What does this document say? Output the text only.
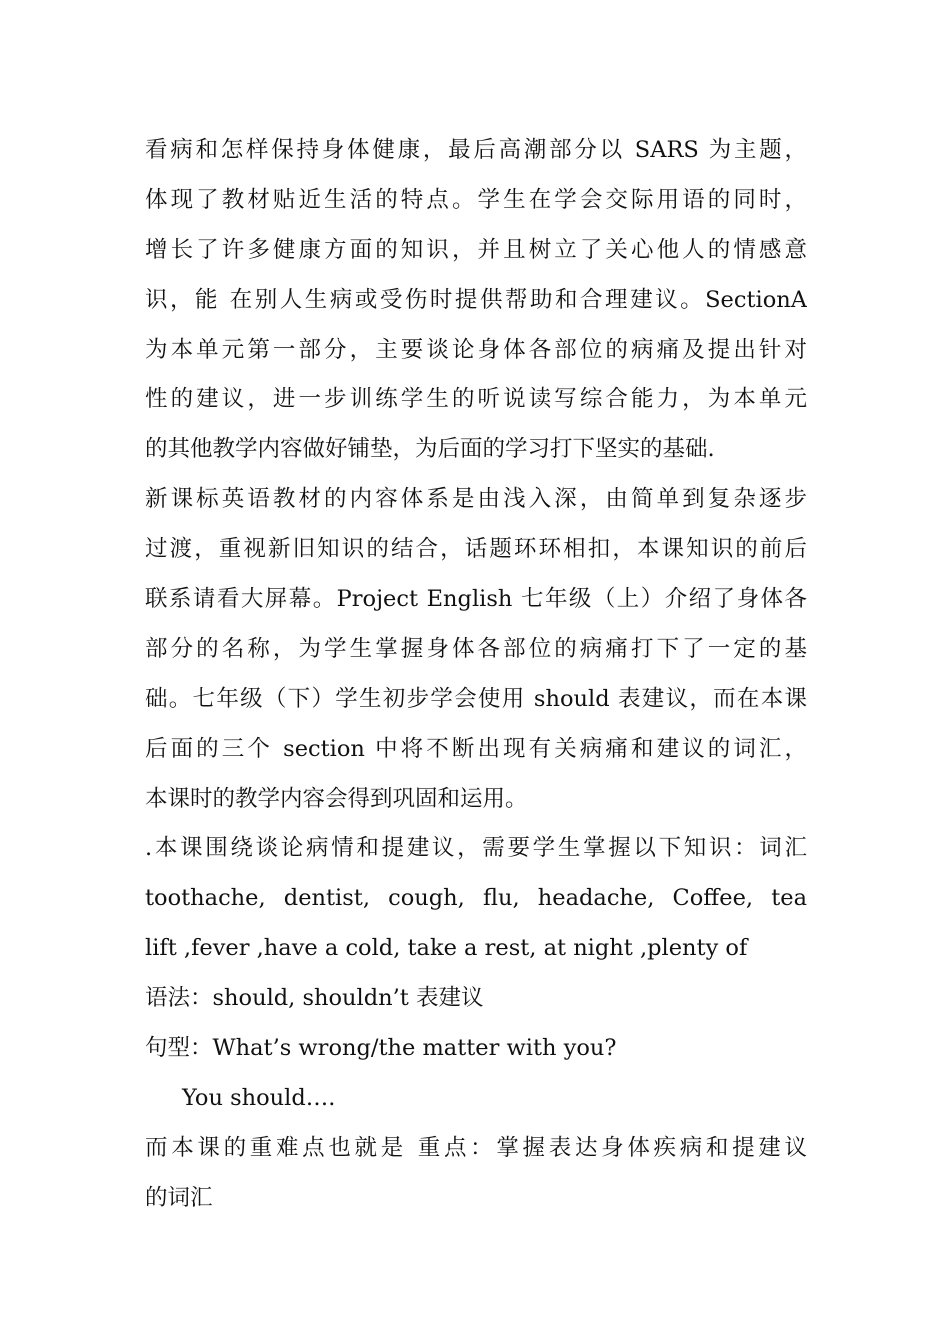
看病和怎样保持身体健康，最后高潮部分以 SARS 为主题，
体现了教材贴近生活的特点。学生在学会交际用语的同时，
增长了许多健康方面的知识，并且树立了关心他人的情感意
识，能 在别人生病或受伤时提供帮助和合理建议。SectionA
为本单元第一部分，主要谈论身体各部位的病痛及提出针对
性的建议，进一步训练学生的听说读写综合能力，为本单元
的其他教学内容做好铺垫，为后面的学习打下坚实的基础.
新课标英语教材的内容体系是由浅入深，由简单到复杂逐步
过渡，重视新旧知识的结合，话题环环相扣，本课知识的前后
联系请看大屏幕。Project English 七年级（上）介绍了身体各
部分的名称，为学生掌握身体各部位的病痛打下了一定的基
础。七年级（下）学生初步学会使用 should 表建议，而在本课
后面的三个 section 中将不断出现有关病痛和建议的词汇，
本课时的教学内容会得到巩固和运用。
.本课围绕谈论病情和提建议，需要学生掌握以下知识：词汇
toothache, dentist, cough, flu, headache, Coffee, tea
lift ,fever ,have a cold, take a rest, at night ,plenty of
语法：should, shouldn’t 表建议
句型：What’s wrong/the matter with you?
You should….
而本课的重难点也就是 重点：掌握表达身体疾病和提建议
的词汇
